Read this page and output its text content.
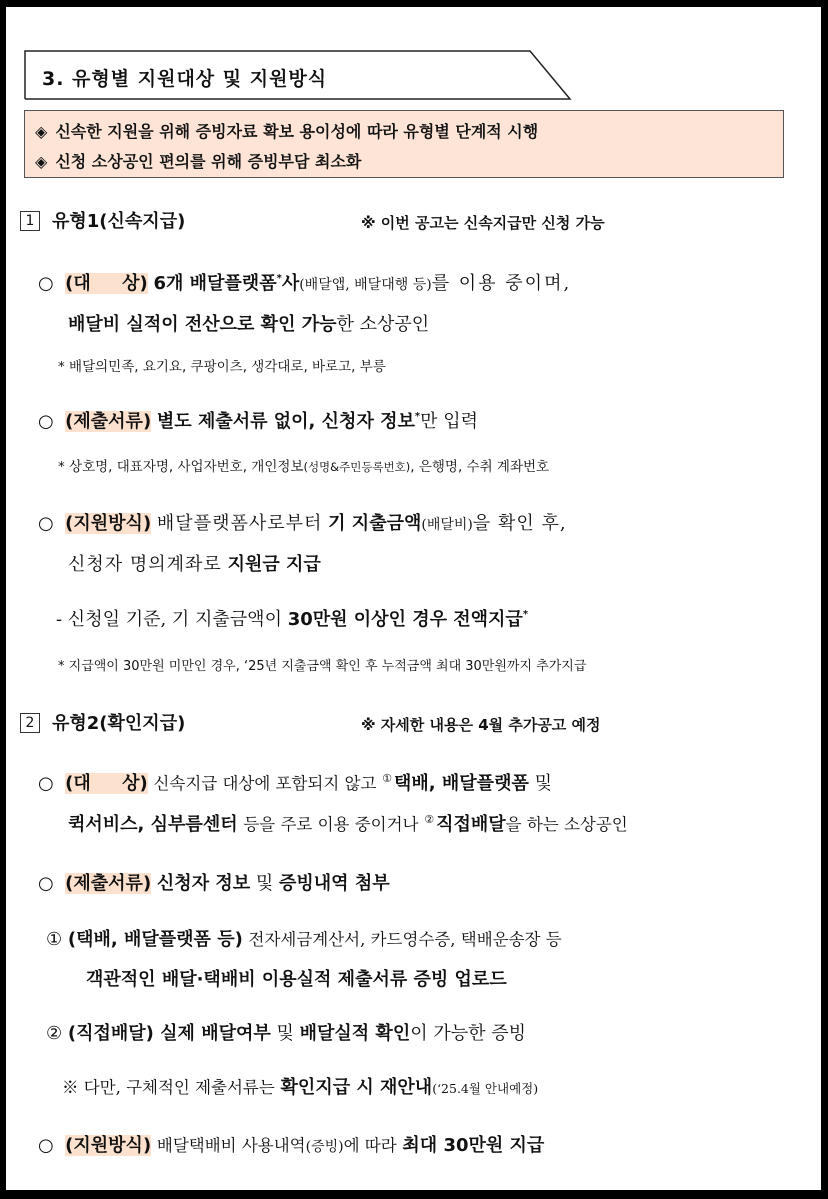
3. 유형별 지원대상 및 지원방식
◈ 신속한 지원을 위해 증빙자료 확보 용이성에 따라 유형별 단계적 시행
◈ 신청 소상공인 편의를 위해 증빙부담 최소화
1 유형1(신속지급)	※ 이번 공고는 신속지급만 신청 가능
○ (대     상) 6개 배달플랫폼*사(배달앱, 배달대행 등)를 이용 중이며,
배달비 실적이 전산으로 확인 가능한 소상공인
* 배달의민족, 요기요, 쿠팡이츠, 생각대로, 바로고, 부릉
○ (제출서류) 별도 제출서류 없이, 신청자 정보*만 입력
* 상호명, 대표자명, 사업자번호, 개인정보(성명&주민등록번호), 은행명, 수취 계좌번호
○ (지원방식) 배달플랫폼사로부터 기 지출금액(배달비)을 확인 후,
신청자 명의계좌로 지원금 지급
- 신청일 기준, 기 지출금액이 30만원 이상인 경우 전액지급*
* 지급액이 30만원 미만인 경우, ‘25년 지출금액 확인 후 누적금액 최대 30만원까지 추가지급
2 유형2(확인지급)	※ 자세한 내용은 4월 추가공고 예정
○ (대     상) 신속지급 대상에 포함되지 않고 ① 택배, 배달플랫폼 및
퀵서비스, 심부름센터 등을 주로 이용 중이거나 ② 직접배달을 하는 소상공인
○ (제출서류) 신청자 정보 및 증빙내역 첨부
① (택배, 배달플랫폼 등) 전자세금계산서, 카드영수증, 택배운송장 등
객관적인 배달·택배비 이용실적 제출서류 증빙 업로드
② (직접배달) 실제 배달여부 및 배달실적 확인이 가능한 증빙
※ 다만, 구체적인 제출서류는 확인지급 시 재안내(‘25.4월 안내예정)
○ (지원방식) 배달택배비 사용내역(증빙)에 따라 최대 30만원 지급
